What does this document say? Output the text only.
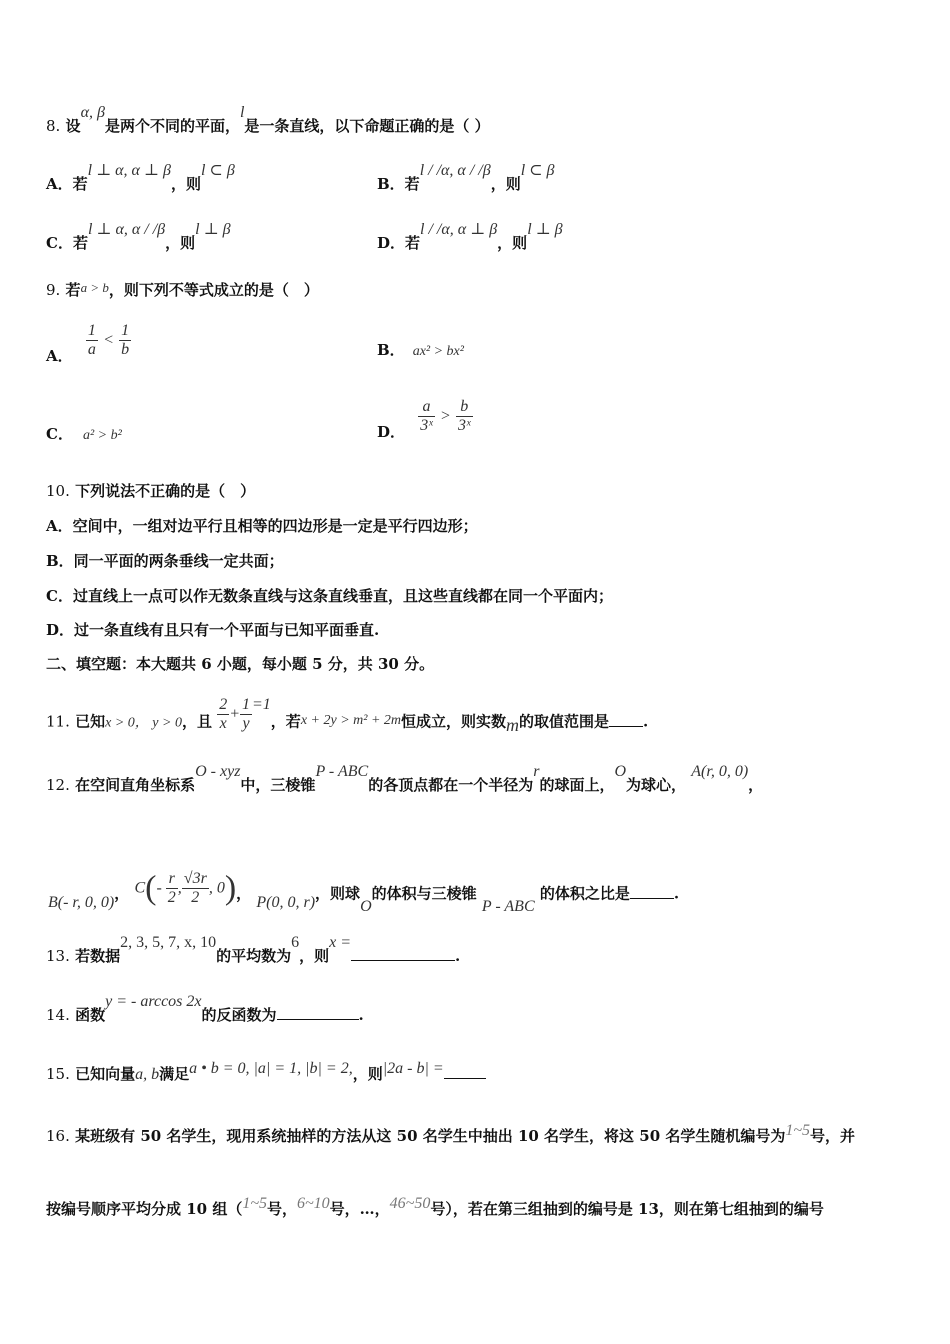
8. 设α, β是两个不同的平面，l是一条直线，以下命题正确的是（ ）
A．若l ⊥ α, α ⊥ β，则l ⊂ β
B．若l / /α, α / /β，则l ⊂ β
C．若l ⊥ α, α / /β，则l ⊥ β
D．若l / /α, α ⊥ β，则l ⊥ β
9. 若a > b，则下列不等式成立的是（　）
A． $\frac{1}{a} < \frac{1}{b}$	B． ax² > bx²
C． a² > b²	D． $\frac{a}{\text{3ˣ}} > \frac{b}{\text{3ˣ}}$
10. 下列说法不正确的是（　）
A．空间中，一组对边平行且相等的四边形是一定是平行四边形；
B．同一平面的两条垂线一定共面；
C．过直线上一点可以作无数条直线与这条直线垂直，且这些直线都在同一个平面内；
D．过一条直线有且只有一个平面与已知平面垂直.
二、填空题：本大题共 6 小题，每小题 5 分，共 30 分。
11. 已知x > 0， y > 0，且 $\frac{2}{x} + \frac{1}{y} =1$，若x + 2y > m² + 2m恒成立，则实数m的取值范围是 .
12. 在空间直角坐标系O - xyz中，三棱锥P - ABC的各顶点都在一个半径为r的球面上，O为球心， A(r, 0, 0)，
B(- r, 0, 0)， $C(- \frac{r}{2}$ , $\frac{√3r}{2}$ , 0)， P(0, 0, r)，则球O的体积与三棱锥 P - ABC 的体积之比是	.
13. 若数据2, 3, 5, 7, x, 10的平均数为6，则x =.
14. 函数y = - arccos 2x的反函数为	.
15. 已知向量a, b满足a • b = 0, |a| = 1, |b| = 2,，则|2a - b| =
16. 某班级有 50 名学生，现用系统抽样的方法从这 50 名学生中抽出 10 名学生，将这 50 名学生随机编号为1~5号，并
按编号顺序平均分成 10 组（1~5号，6~10号，…，46~50号），若在第三组抽到的编号是 13，则在第七组抽到的编号
